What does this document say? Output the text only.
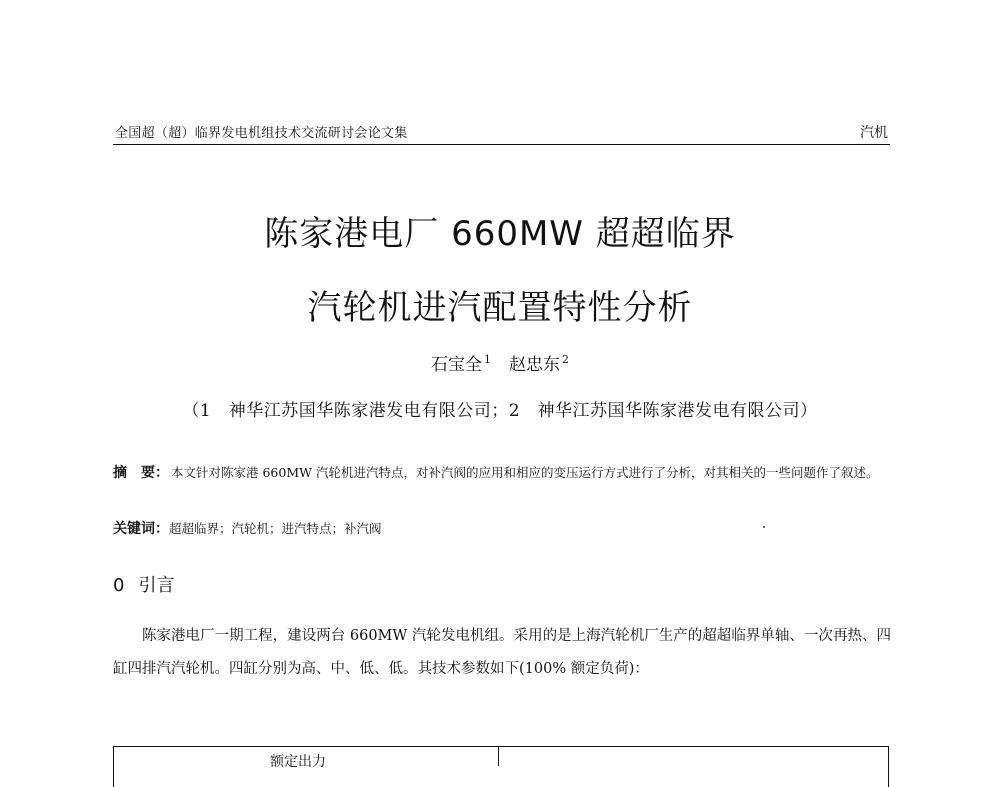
全国超（超）临界发电机组技术交流研讨会论文集	汽机
陈家港电厂 660MW 超超临界
汽轮机进汽配置特性分析
石宝全 $^1$ 赵忠东 $^2$
（1　神华江苏国华陈家港发电有限公司；2　神华江苏国华陈家港发电有限公司）
摘　要： 本文针对陈家港 660MW 汽轮机进汽特点，对补汽阀的应用和相应的变压运行方式进行了分析，对其相关的一些问题作了叙述。
关键词：超超临界；汽轮机；进汽特点；补汽阀
0 引言
陈家港电厂一期工程，建设两台 660MW 汽轮发电机组。采用的是上海汽轮机厂生产的超超临界单轴、一次再热、四缸四排汽汽轮机。四缸分别为高、中、低、低。其技术参数如下(100% 额定负荷)：
额定出力
